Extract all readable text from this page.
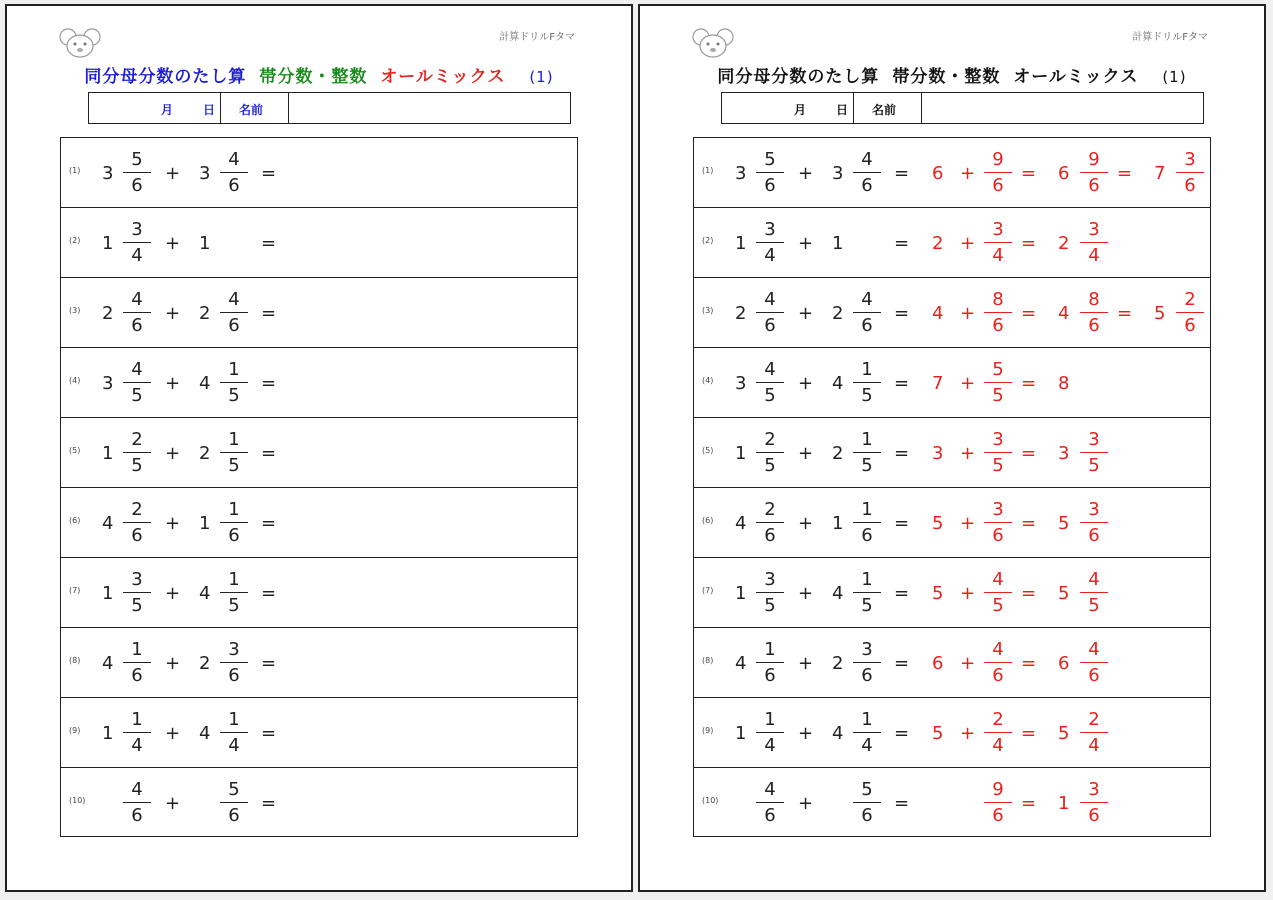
計算ドリルFタマ
同分母分数のたし算 帯分数・整数 オールミックス (1)
月 日	名前
(1) 3
5
6
+ 3
4
6
=
(2) 1
3
4
+ 1	=
(3) 2
4
6
+ 2
4
6
=
(4) 3
4
5
+ 4
1
5
=
(5) 1
2
5
+ 2
1
5
=
(6) 4
2
6
+ 1
1
6
=
(7) 1
3
5
+ 4
1
5
=
(8) 4
1
6
+ 2
3
6
=
(9) 1
1
4
+ 4
1
4
=
(10)
4
6
+
5
6
=
計算ドリルFタマ
同分母分数のたし算 帯分数・整数 オールミックス (1)
月 日	名前
(1) 3
5
6
+ 3
4
6
= 6 +
9
6
= 6
9
6
= 7
3
6
(2) 1
3
4
+ 1	= 2 +
3
4
= 2
3
4
(3) 2
4
6
+ 2
4
6
= 4 +
8
6
= 4
8
6
= 5
2
6
(4) 3
4
5
+ 4
1
5
= 7 +
5
5
= 8
(5) 1
2
5
+ 2
1
5
= 3 +
3
5
= 3
3
5
(6) 4
2
6
+ 1
1
6
= 5 +
3
6
= 5
3
6
(7) 1
3
5
+ 4
1
5
= 5 +
4
5
= 5
4
5
(8) 4
1
6
+ 2
3
6
= 6 +
4
6
= 6
4
6
(9) 1
1
4
+ 4
1
4
= 5 +
2
4
= 5
2
4
(10)
4
6
+
5
6
=
9
6
= 1
3
6
